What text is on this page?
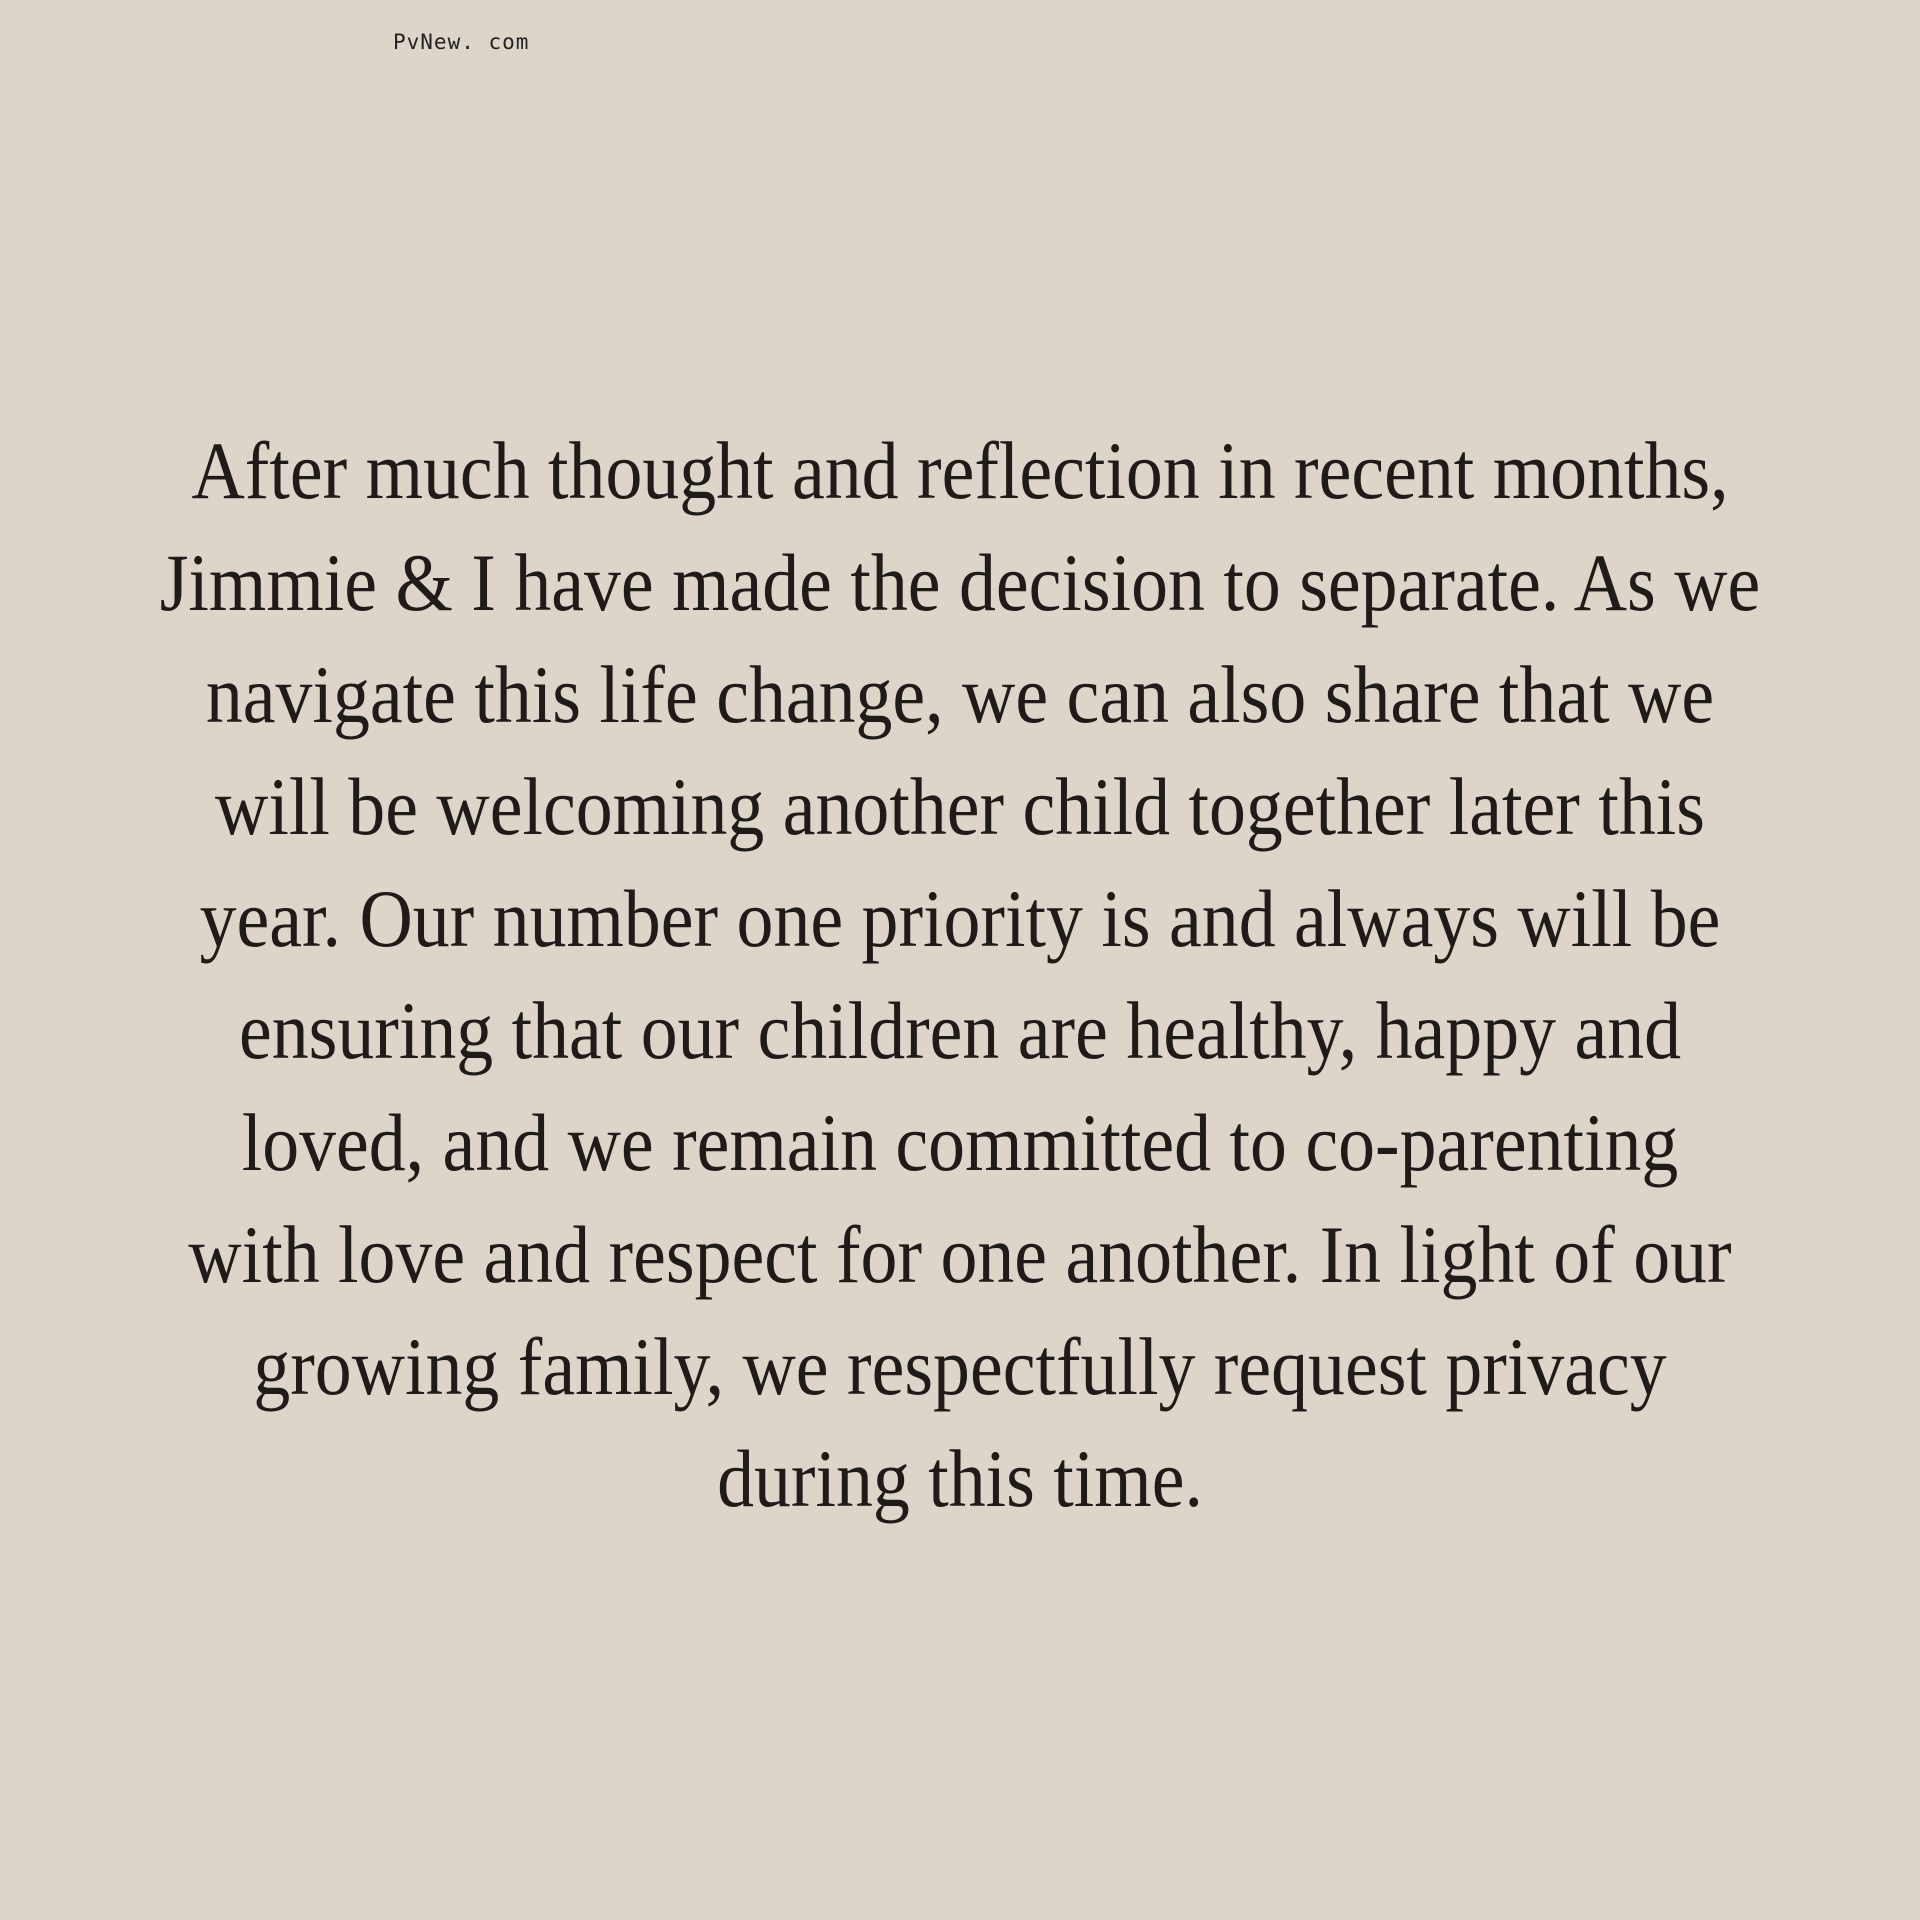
PvNew. com
After much thought and reflection in recent months,
Jimmie & I have made the decision to separate. As we
navigate this life change, we can also share that we
will be welcoming another child together later this
year. Our number one priority is and always will be
ensuring that our children are healthy, happy and
loved, and we remain committed to co-parenting
with love and respect for one another. In light of our
growing family, we respectfully request privacy
during this time.
